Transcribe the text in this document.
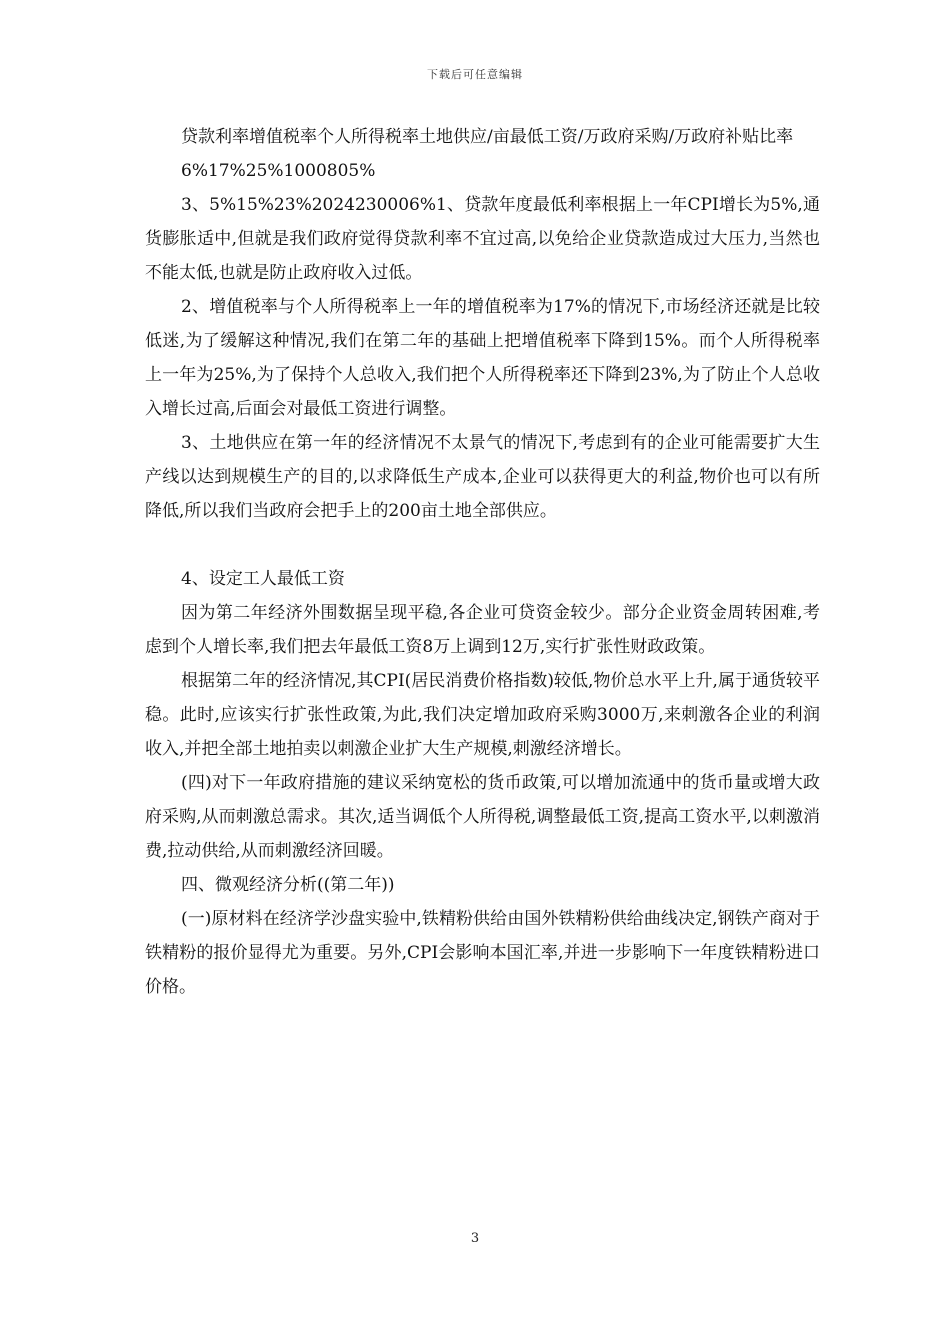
下载后可任意编辑

贷款利率增值税率个人所得税率土地供应/亩最低工资/万政府采购/万政府补贴比率

6%17%25%1000805%

3、5%15%23%2024230006%1、贷款年度最低利率根据上一年CPI增长为5%,通货膨胀适中,但就是我们政府觉得贷款利率不宜过高,以免给企业贷款造成过大压力,当然也不能太低,也就是防止政府收入过低。

2、增值税率与个人所得税率上一年的增值税率为17%的情况下,市场经济还就是比较低迷,为了缓解这种情况,我们在第二年的基础上把增值税率下降到15%。而个人所得税率上一年为25%,为了保持个人总收入,我们把个人所得税率还下降到23%,为了防止个人总收入增长过高,后面会对最低工资进行调整。

3、土地供应在第一年的经济情况不太景气的情况下,考虑到有的企业可能需要扩大生产线以达到规模生产的目的,以求降低生产成本,企业可以获得更大的利益,物价也可以有所降低,所以我们当政府会把手上的200亩土地全部供应。

4、设定工人最低工资

因为第二年经济外围数据呈现平稳,各企业可贷资金较少。部分企业资金周转困难,考虑到个人增长率,我们把去年最低工资8万上调到12万,实行扩张性财政政策。

根据第二年的经济情况,其CPI(居民消费价格指数)较低,物价总水平上升,属于通货较平稳。此时,应该实行扩张性政策,为此,我们决定增加政府采购3000万,来刺激各企业的利润收入,并把全部土地拍卖以刺激企业扩大生产规模,刺激经济增长。

(四)对下一年政府措施的建议采纳宽松的货币政策,可以增加流通中的货币量或增大政府采购,从而刺激总需求。其次,适当调低个人所得税,调整最低工资,提高工资水平,以刺激消费,拉动供给,从而刺激经济回暖。

四、微观经济分析((第二年))

(一)原材料在经济学沙盘实验中,铁精粉供给由国外铁精粉供给曲线决定,钢铁产商对于铁精粉的报价显得尤为重要。另外,CPI会影响本国汇率,并进一步影响下一年度铁精粉进口价格。

3
